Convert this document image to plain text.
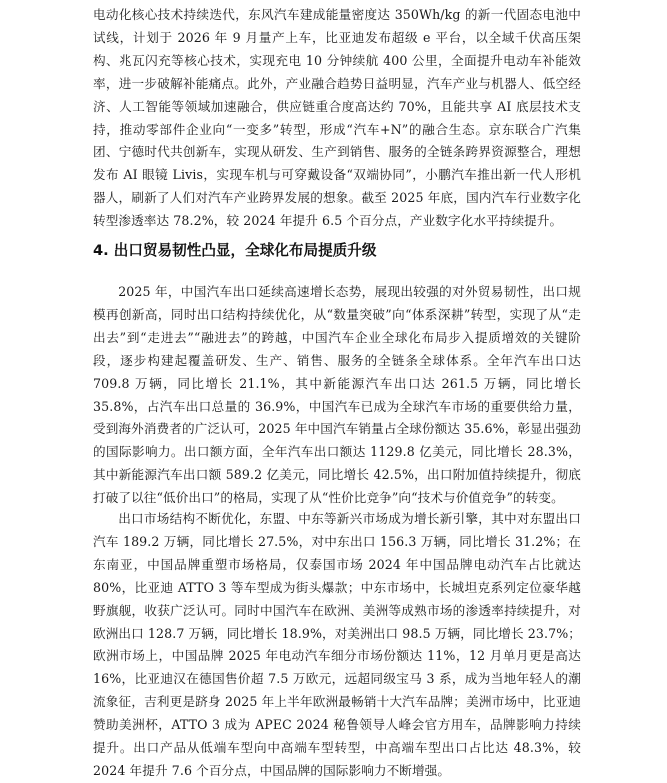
电动化核心技术持续迭代，东风汽车建成能量密度达 350Wh/kg 的新一代固态电池中试线，计划于 2026 年 9 月量产上车，比亚迪发布超级 e 平台，以全域千伏高压架构、兆瓦闪充等核心技术，实现充电 10 分钟续航 400 公里，全面提升电动车补能效率，进一步破解补能痛点。此外，产业融合趋势日益明显，汽车产业与机器人、低空经济、人工智能等领域加速融合，供应链重合度高达约 70%，且能共享 AI 底层技术支持，推动零部件企业向“一变多”转型，形成“汽车+N”的融合生态。京东联合广汽集团、宁德时代共创新车，实现从研发、生产到销售、服务的全链条跨界资源整合，理想发布 AI 眼镜 Livis，实现车机与可穿戴设备“双端协同”，小鹏汽车推出新一代人形机器人，刷新了人们对汽车产业跨界发展的想象。截至 2025 年底，国内汽车行业数字化转型渗透率达 78.2%，较 2024 年提升 6.5 个百分点，产业数字化水平持续提升。

4. 出口贸易韧性凸显，全球化布局提质升级

2025 年，中国汽车出口延续高速增长态势，展现出较强的对外贸易韧性，出口规模再创新高，同时出口结构持续优化，从“数量突破”向“体系深耕”转型，实现了从“走出去”到“走进去”“融进去”的跨越，中国汽车企业全球化布局步入提质增效的关键阶段，逐步构建起覆盖研发、生产、销售、服务的全链条全球体系。全年汽车出口达 709.8 万辆，同比增长 21.1%，其中新能源汽车出口达 261.5 万辆，同比增长 35.8%，占汽车出口总量的 36.9%，中国汽车已成为全球汽车市场的重要供给力量，受到海外消费者的广泛认可，2025 年中国汽车销量占全球份额达 35.6%，彰显出强劲的国际影响力。出口额方面，全年汽车出口额达 1129.8 亿美元，同比增长 28.3%，其中新能源汽车出口额 589.2 亿美元，同比增长 42.5%，出口附加值持续提升，彻底打破了以往“低价出口”的格局，实现了从“性价比竞争”向“技术与价值竞争”的转变。

出口市场结构不断优化，东盟、中东等新兴市场成为增长新引擎，其中对东盟出口汽车 189.2 万辆，同比增长 27.5%，对中东出口 156.3 万辆，同比增长 31.2%；在东南亚，中国品牌重塑市场格局，仅泰国市场 2024 年中国品牌电动汽车占比就达 80%，比亚迪 ATTO 3 等车型成为街头爆款；中东市场中，长城坦克系列定位豪华越野旗舰，收获广泛认可。同时中国汽车在欧洲、美洲等成熟市场的渗透率持续提升，对欧洲出口 128.7 万辆，同比增长 18.9%，对美洲出口 98.5 万辆，同比增长 23.7%；欧洲市场上，中国品牌 2025 年电动汽车细分市场份额达 11%，12 月单月更是高达 16%，比亚迪汉在德国售价超 7.5 万欧元，远超同级宝马 3 系，成为当地年轻人的潮流象征，吉利更是跻身 2025 年上半年欧洲最畅销十大汽车品牌；美洲市场中，比亚迪赞助美洲杯，ATTO 3 成为 APEC 2024 秘鲁领导人峰会官方用车，品牌影响力持续提升。出口产品从低端车型向中高端车型转型，中高端车型出口占比达 48.3%，较 2024 年提升 7.6 个百分点，中国品牌的国际影响力不断增强。
